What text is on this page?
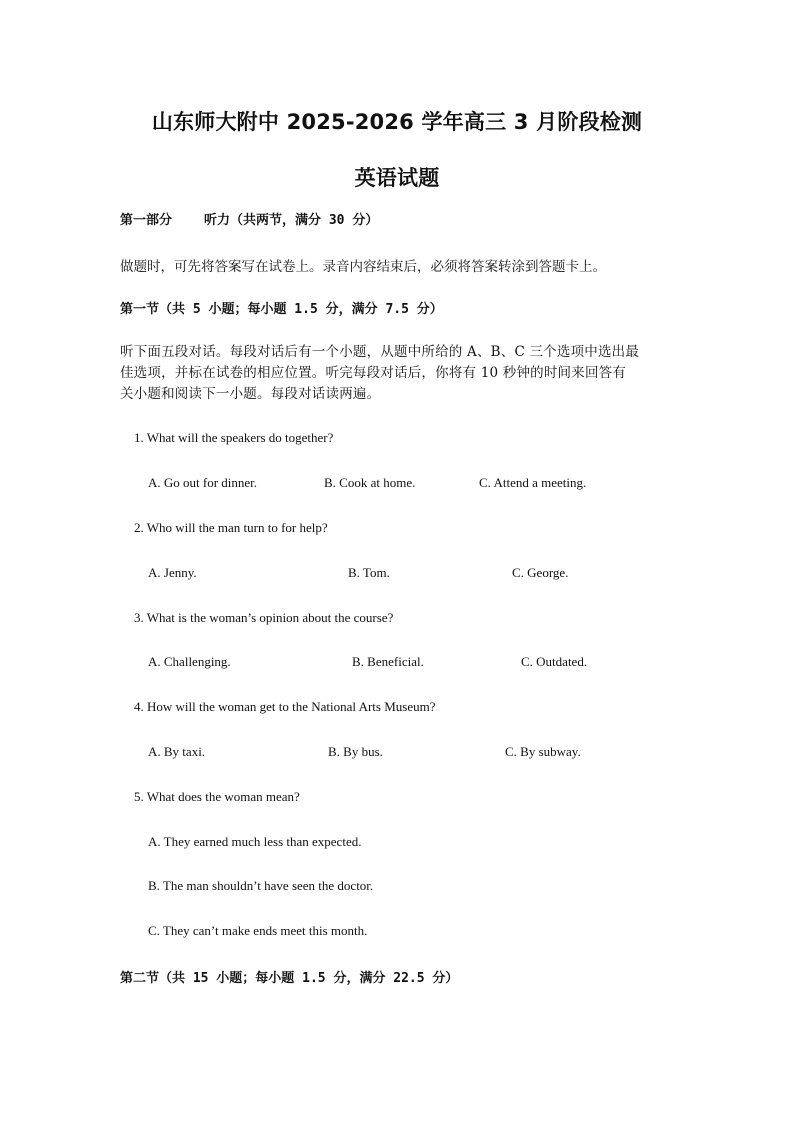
山东师大附中 2025-2026 学年高三 3 月阶段检测
英语试题
第一部分 听力（共两节，满分 30 分）
做题时，可先将答案写在试卷上。录音内容结束后，必须将答案转涂到答题卡上。
第一节（共 5 小题；每小题 1.5 分，满分 7.5 分）
听下面五段对话。每段对话后有一个小题，从题中所给的 A、B、C 三个选项中选出最
佳选项，并标在试卷的相应位置。听完每段对话后，你将有 10 秒钟的时间来回答有
关小题和阅读下一小题。每段对话读两遍。
1. What will the speakers do together?
A. Go out for dinner.	B. Cook at home.	C. Attend a meeting.
2. Who will the man turn to for help?
A. Jenny.	B. Tom.	C. George.
3. What is the woman’s opinion about the course?
A. Challenging.	B. Beneficial.	C. Outdated.
4. How will the woman get to the National Arts Museum?
A. By taxi.	B. By bus.	C. By subway.
5. What does the woman mean?
A. They earned much less than expected.
B. The man shouldn’t have seen the doctor.
C. They can’t make ends meet this month.
第二节（共 15 小题；每小题 1.5 分，满分 22.5 分）
